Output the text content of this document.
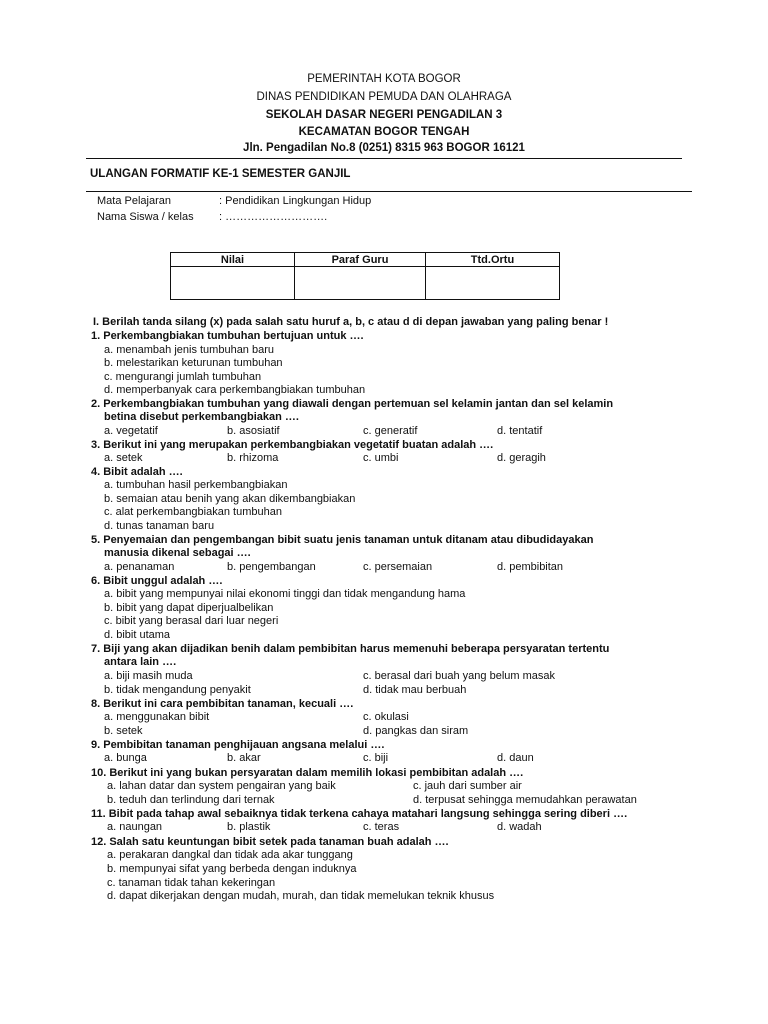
PEMERINTAH KOTA BOGOR
DINAS PENDIDIKAN PEMUDA DAN OLAHRAGA
SEKOLAH DASAR NEGERI PENGADILAN 3
KECAMATAN BOGOR TENGAH
Jln. Pengadilan No.8 (0251) 8315 963 BOGOR 16121
ULANGAN FORMATIF KE-1 SEMESTER GANJIL
Mata Pelajaran	: Pendidikan Lingkungan Hidup
Nama Siswa / kelas : ……………………….
Nilai	Paraf Guru	Ttd.Ortu

I. Berilah tanda silang (x) pada salah satu huruf a, b, c atau d di depan jawaban yang paling benar !
1. Perkembangbiakan tumbuhan bertujuan untuk ….
a. menambah jenis tumbuhan baru
b. melestarikan keturunan tumbuhan
c. mengurangi jumlah tumbuhan
d. memperbanyak cara perkembangbiakan tumbuhan
2. Perkembangbiakan tumbuhan yang diawali dengan pertemuan sel kelamin jantan dan sel kelamin
betina disebut perkembangbiakan ….
a. vegetatif	b. asosiatif	c. generatif	d. tentatif
3. Berikut ini yang merupakan perkembangbiakan vegetatif buatan adalah ….
a. setek	b. rhizoma	c. umbi	d. geragih
4. Bibit adalah ….
a. tumbuhan hasil perkembangbiakan
b. semaian atau benih yang akan dikembangbiakan
c. alat perkembangbiakan tumbuhan
d. tunas tanaman baru
5. Penyemaian dan pengembangan bibit suatu jenis tanaman untuk ditanam atau dibudidayakan
manusia dikenal sebagai ….
a. penanaman	b. pengembangan	c. persemaian	d. pembibitan
6. Bibit unggul adalah ….
a. bibit yang mempunyai nilai ekonomi tinggi dan tidak mengandung hama
b. bibit yang dapat diperjualbelikan
c. bibit yang berasal dari luar negeri
d. bibit utama
7. Biji yang akan dijadikan benih dalam pembibitan harus memenuhi beberapa persyaratan tertentu
antara lain ….
a. biji masih muda	c. berasal dari buah yang belum masak
b. tidak mengandung penyakit	d. tidak mau berbuah
8. Berikut ini cara pembibitan tanaman, kecuali ….
a. menggunakan bibit	c. okulasi
b. setek	d. pangkas dan siram
9. Pembibitan tanaman penghijauan angsana melalui ….
a. bunga	b. akar	c. biji	d. daun
10. Berikut ini yang bukan persyaratan dalam memilih lokasi pembibitan adalah ….
a. lahan datar dan system pengairan yang baik	c. jauh dari sumber air
b. teduh dan terlindung dari ternak	d. terpusat sehingga memudahkan perawatan
11. Bibit pada tahap awal sebaiknya tidak terkena cahaya matahari langsung sehingga sering diberi ….
a. naungan	b. plastik	c. teras	d. wadah
12. Salah satu keuntungan bibit setek pada tanaman buah adalah ….
a. perakaran dangkal dan tidak ada akar tunggang
b. mempunyai sifat yang berbeda dengan induknya
c. tanaman tidak tahan kekeringan
d. dapat dikerjakan dengan mudah, murah, dan tidak memelukan teknik khusus
